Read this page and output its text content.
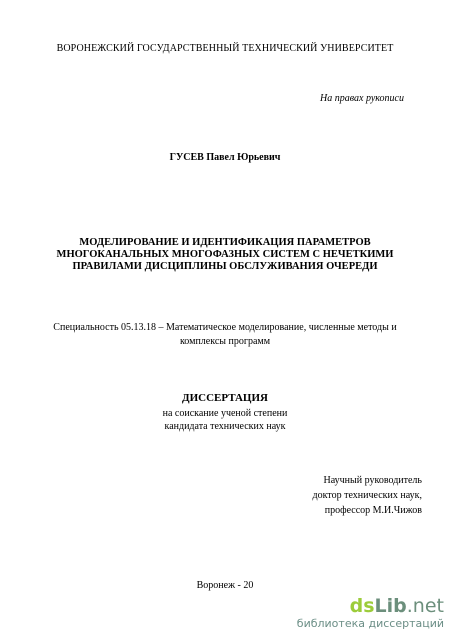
ВОРОНЕЖСКИЙ ГОСУДАРСТВЕННЫЙ ТЕХНИЧЕСКИЙ УНИВЕРСИТЕТ
На правах рукописи
ГУСЕВ Павел Юрьевич
МОДЕЛИРОВАНИЕ И ИДЕНТИФИКАЦИЯ ПАРАМЕТРОВ
МНОГОКАНАЛЬНЫХ МНОГОФАЗНЫХ СИСТЕМ С НЕЧЕТКИМИ
ПРАВИЛАМИ ДИСЦИПЛИНЫ ОБСЛУЖИВАНИЯ ОЧЕРЕДИ
Специальность 05.13.18 – Математическое моделирование, численные методы и
комплексы программ
ДИССЕРТАЦИЯ
на соискание ученой степени
кандидата технических наук
Научный руководитель
доктор технических наук,
профессор М.И.Чижов
Воронеж - 20
dsLib.net
библиотека диссертаций
